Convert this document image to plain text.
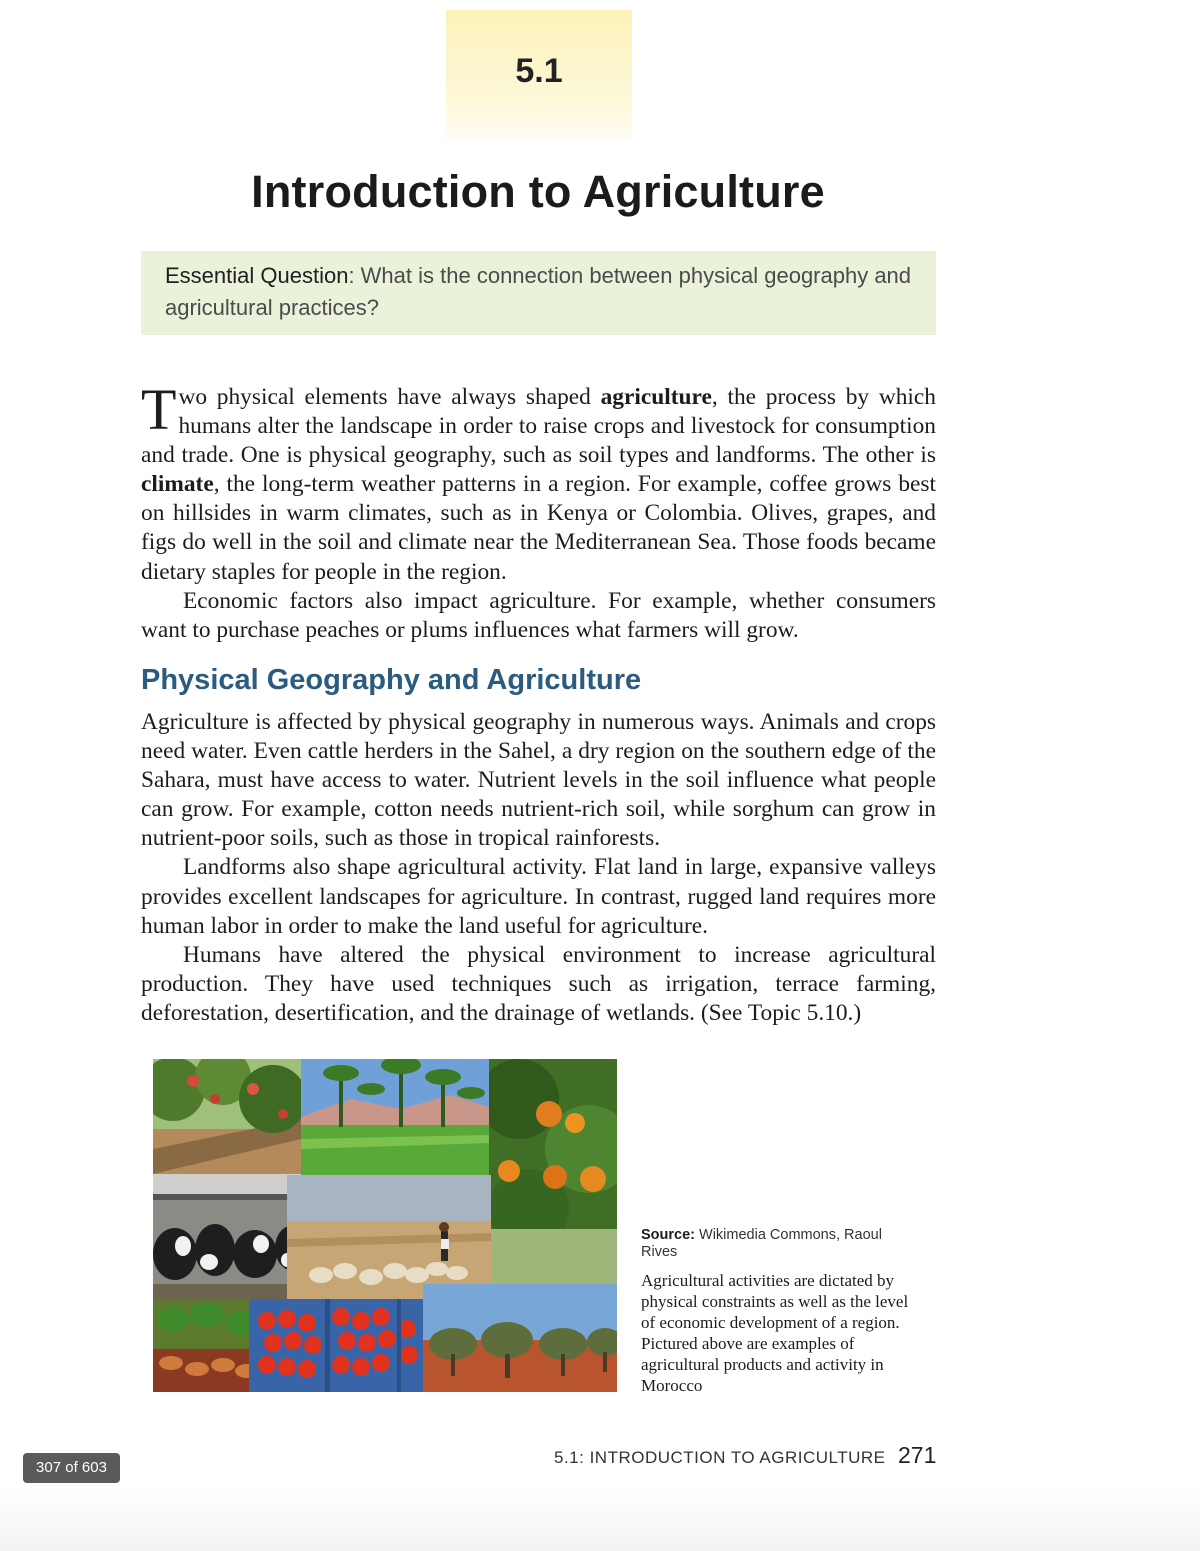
5.1
Introduction to Agriculture
Essential Question: What is the connection between physical geography and agricultural practices?

Two physical elements have always shaped agriculture, the process by which humans alter the landscape in order to raise crops and livestock for consumption and trade. One is physical geography, such as soil types and landforms. The other is climate, the long-term weather patterns in a region. For example, coffee grows best on hillsides in warm climates, such as in Kenya or Colombia. Olives, grapes, and figs do well in the soil and climate near the Mediterranean Sea. Those foods became dietary staples for people in the region.

Economic factors also impact agriculture. For example, whether consumers want to purchase peaches or plums influences what farmers will grow.

Physical Geography and Agriculture

Agriculture is affected by physical geography in numerous ways. Animals and crops need water. Even cattle herders in the Sahel, a dry region on the southern edge of the Sahara, must have access to water. Nutrient levels in the soil influence what people can grow. For example, cotton needs nutrient-rich soil, while sorghum can grow in nutrient-poor soils, such as those in tropical rainforests.

Landforms also shape agricultural activity. Flat land in large, expansive valleys provides excellent landscapes for agriculture. In contrast, rugged land requires more human labor in order to make the land useful for agriculture.

Humans have altered the physical environment to increase agricultural production. They have used techniques such as irrigation, terrace farming, deforestation, desertification, and the drainage of wetlands. (See Topic 5.10.)

Source: Wikimedia Commons, Raoul Rives

Agricultural activities are dictated by physical constraints as well as the level of economic development of a region. Pictured above are examples of agricultural products and activity in Morocco

5.1: INTRODUCTION TO AGRICULTURE 271
307 of 603
